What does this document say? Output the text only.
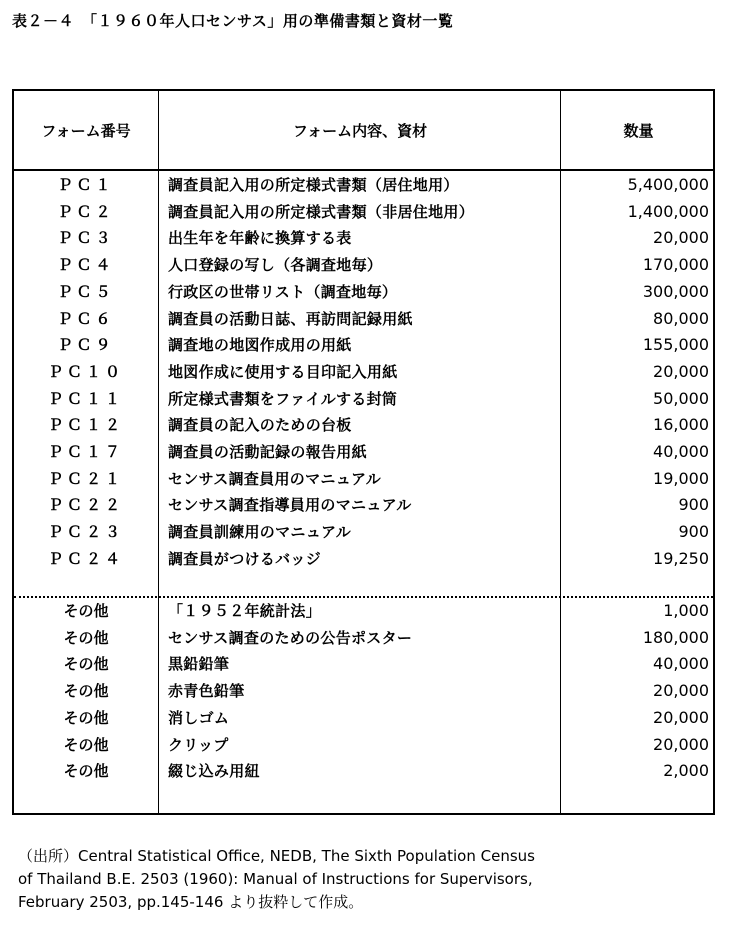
表２－４　「１９６０年人口センサス」用の準備書類と資材一覧
フォーム番号	フォーム内容、資材	数量
ＰＣ１	調査員記入用の所定様式書類（居住地用）	5,400,000
ＰＣ２	調査員記入用の所定様式書類（非居住地用）	1,400,000
ＰＣ３	出生年を年齢に換算する表	20,000
ＰＣ４	人口登録の写し（各調査地毎）	170,000
ＰＣ５	行政区の世帯リスト（調査地毎）	300,000
ＰＣ６	調査員の活動日誌、再訪問記録用紙	80,000
ＰＣ９	調査地の地図作成用の用紙	155,000
ＰＣ１０	地図作成に使用する目印記入用紙	20,000
ＰＣ１１	所定様式書類をファイルする封筒	50,000
ＰＣ１２	調査員の記入のための台板	16,000
ＰＣ１７	調査員の活動記録の報告用紙	40,000
ＰＣ２１	センサス調査員用のマニュアル	19,000
ＰＣ２２	センサス調査指導員用のマニュアル	900
ＰＣ２３	調査員訓練用のマニュアル	900
ＰＣ２４	調査員がつけるバッジ	19,250
その他	「１９５２年統計法」	1,000
その他	センサス調査のための公告ポスター	180,000
その他	黒鉛鉛筆	40,000
その他	赤青色鉛筆	20,000
その他	消しゴム	20,000
その他	クリップ	20,000
その他	綴じ込み用紐	2,000
（出所）Central Statistical Office, NEDB, The Sixth Population Census
of Thailand B.E. 2503 (1960): Manual of Instructions for Supervisors,
February 2503, pp.145-146 より抜粋して作成。
